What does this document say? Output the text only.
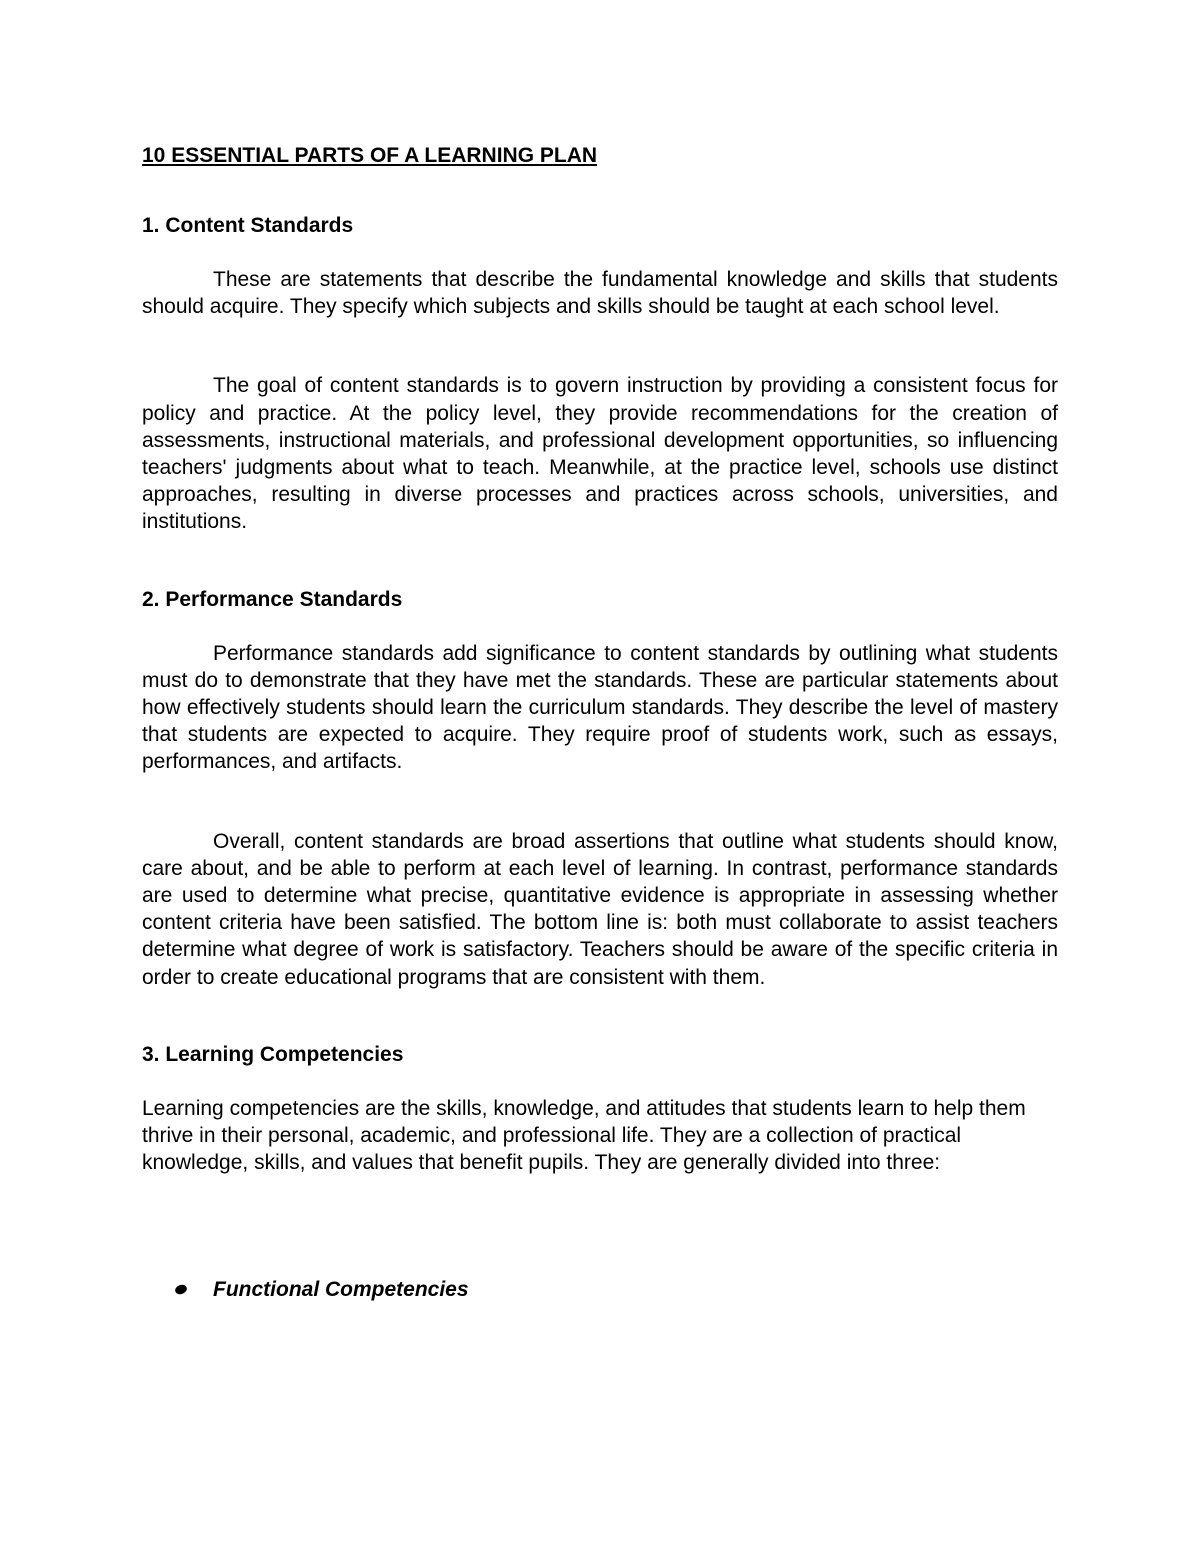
10 ESSENTIAL PARTS OF A LEARNING PLAN
1. Content Standards

These are statements that describe the fundamental knowledge and skills that students should acquire. They specify which subjects and skills should be taught at each school level.

The goal of content standards is to govern instruction by providing a consistent focus for policy and practice. At the policy level, they provide recommendations for the creation of assessments, instructional materials, and professional development opportunities, so influencing teachers' judgments about what to teach. Meanwhile, at the practice level, schools use distinct approaches, resulting in diverse processes and practices across schools, universities, and institutions.

2. Performance Standards

Performance standards add significance to content standards by outlining what students must do to demonstrate that they have met the standards. These are particular statements about how effectively students should learn the curriculum standards. They describe the level of mastery that students are expected to acquire. They require proof of students work, such as essays, performances, and artifacts.

Overall, content standards are broad assertions that outline what students should know, care about, and be able to perform at each level of learning. In contrast, performance standards are used to determine what precise, quantitative evidence is appropriate in assessing whether content criteria have been satisfied. The bottom line is: both must collaborate to assist teachers determine what degree of work is satisfactory. Teachers should be aware of the specific criteria in order to create educational programs that are consistent with them.

3. Learning Competencies

Learning competencies are the skills, knowledge, and attitudes that students learn to help them thrive in their personal, academic, and professional life. They are a collection of practical knowledge, skills, and values that benefit pupils. They are generally divided into three:

Functional Competencies
